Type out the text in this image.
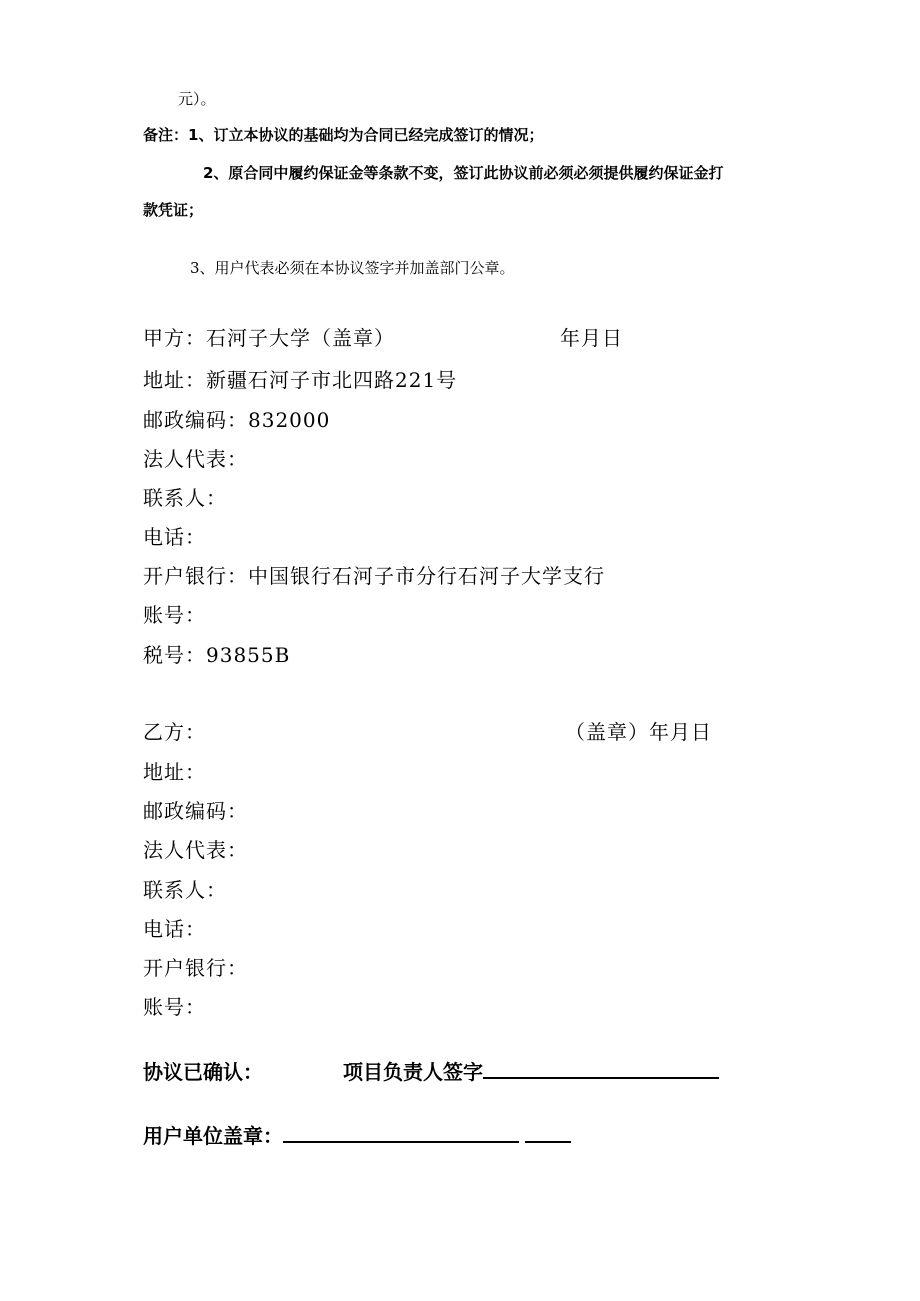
元）。
备注：1、订立本协议的基础均为合同已经完成签订的情况；
2、原合同中履约保证金等条款不变，签订此协议前必须必须提供履约保证金打
款凭证；
3、用户代表必须在本协议签字并加盖部门公章。
甲方：石河子大学（盖章）	年月日
地址：新疆石河子市北四路221号
邮政编码：832000
法人代表：
联系人：
电话：
开户银行：中国银行石河子市分行石河子大学支行
账号：
税号：93855B
乙方：	（盖章）年月日
地址：
邮政编码：
法人代表：
联系人：
电话：
开户银行：
账号：
协议已确认：	项目负责人签字
用户单位盖章：
